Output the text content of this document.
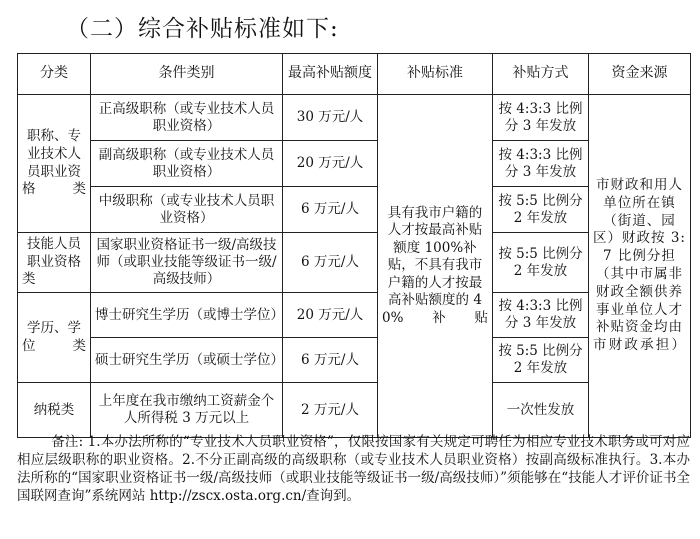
（二）综合补贴标准如下:
分类	条件类别	最高补贴额度	补贴标准	补贴方式	资金来源
职称、专业技术人员职业资格类	正高级职称（或专业技术人员职业资格）	30 万元/人	具有我市户籍的人才按最高补贴额度 100%补贴，不具有我市户籍的人才按最高补贴额度的 40%补贴	按 4:3:3 比例分 3 年发放	市财政和用人单位所在镇（街道、园区）财政按 3:7 比例分担（其中市属非财政全额供养事业单位人才补贴资金均由市财政承担）
	副高级职称（或专业技术人员职业资格）	20 万元/人		按 4:3:3 比例分 3 年发放	
	中级职称（或专业技术人员职业资格）	6 万元/人		按 5:5 比例分 2 年发放	
技能人员职业资格类	国家职业资格证书一级/高级技师（或职业技能等级证书一级/高级技师）	6 万元/人		按 5:5 比例分 2 年发放	
学历、学位类	博士研究生学历（或博士学位）	20 万元/人		按 4:3:3 比例分 3 年发放	
	硕士研究生学历（或硕士学位）	6 万元/人		按 5:5 比例分 2 年发放	
纳税类	上年度在我市缴纳工资薪金个人所得税 3 万元以上	2 万元/人		一次性发放	
备注: 1.本办法所称的“专业技术人员职业资格”，仅限按国家有关规定可聘任为相应专业技术职务或可对应相应层级职称的职业资格。2.不分正副高级的高级职称（或专业技术人员职业资格）按副高级标准执行。3.本办法所称的“国家职业资格证书一级/高级技师（或职业技能等级证书一级/高级技师）”须能够在“技能人才评价证书全国联网查询”系统网站 http://zscx.osta.org.cn/查询到。
